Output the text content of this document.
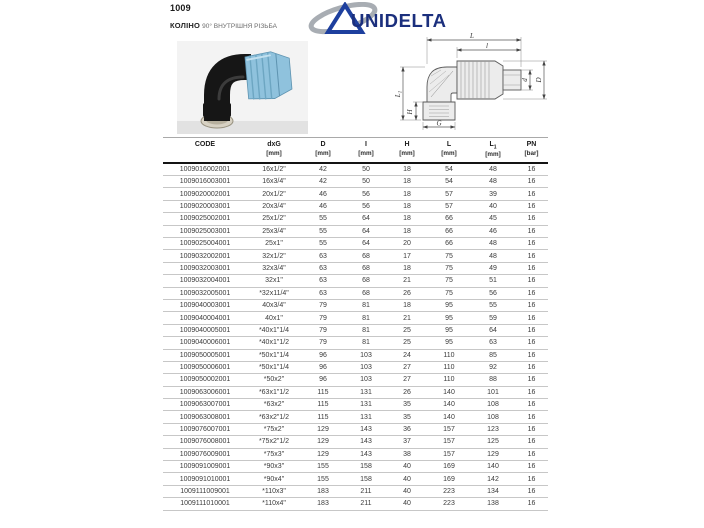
1009
КОЛІНО 90° ВНУТРІШНЯ РІЗЬБА	UNIDELTA
L
l
d D
$L_1$
H
G
CODE	dxG
[mm]

D
[mm]

I
[mm]

H
[mm]

L
[mm]

$L_1$
[mm]

PN
[bar]

1009016002001	16x1/2"	42	50	18	54	48	16
1009016003001	16x3/4"	42	50	18	54	48	16
1009020002001	20x1/2"	46	56	18	57	39	16
1009020003001	20x3/4"	46	56	18	57	40	16
1009025002001	25x1/2"	55	64	18	66	45	16
1009025003001	25x3/4"	55	64	18	66	46	16
1009025004001	25x1"	55	64	20	66	48	16
1009032002001	32x1/2"	63	68	17	75	48	16
1009032003001	32x3/4"	63	68	18	75	49	16
1009032004001	32x1"	63	68	21	75	51	16
1009032005001	*32x11/4"	63	68	26	75	56	16
1009040003001	40x3/4"	79	81	18	95	55	16
1009040004001	40x1"	79	81	21	95	59	16
1009040005001	*40x1"1/4	79	81	25	95	64	16
1009040006001	*40x1"1/2	79	81	25	95	63	16
1009050005001	*50x1"1/4	96	103	24	110	85	16
1009050006001	*50x1"1/4	96	103	27	110	92	16
1009050002001	*50x2"	96	103	27	110	88	16
1009063006001	*63x1"1/2	115	131	26	140	101	16
1009063007001	*63x2"	115	131	35	140	108	16
1009063008001	*63x2"1/2	115	131	35	140	108	16
1009076007001	*75x2"	129	143	36	157	123	16
1009076008001	*75x2"1/2	129	143	37	157	125	16
1009076009001	*75x3"	129	143	38	157	129	16
1009091009001	*90x3"	155	158	40	169	140	16
1009091010001	*90x4"	155	158	40	169	142	16
1009111009001	*110x3"	183	211	40	223	134	16
1009111010001	*110x4"	183	211	40	223	138	16
